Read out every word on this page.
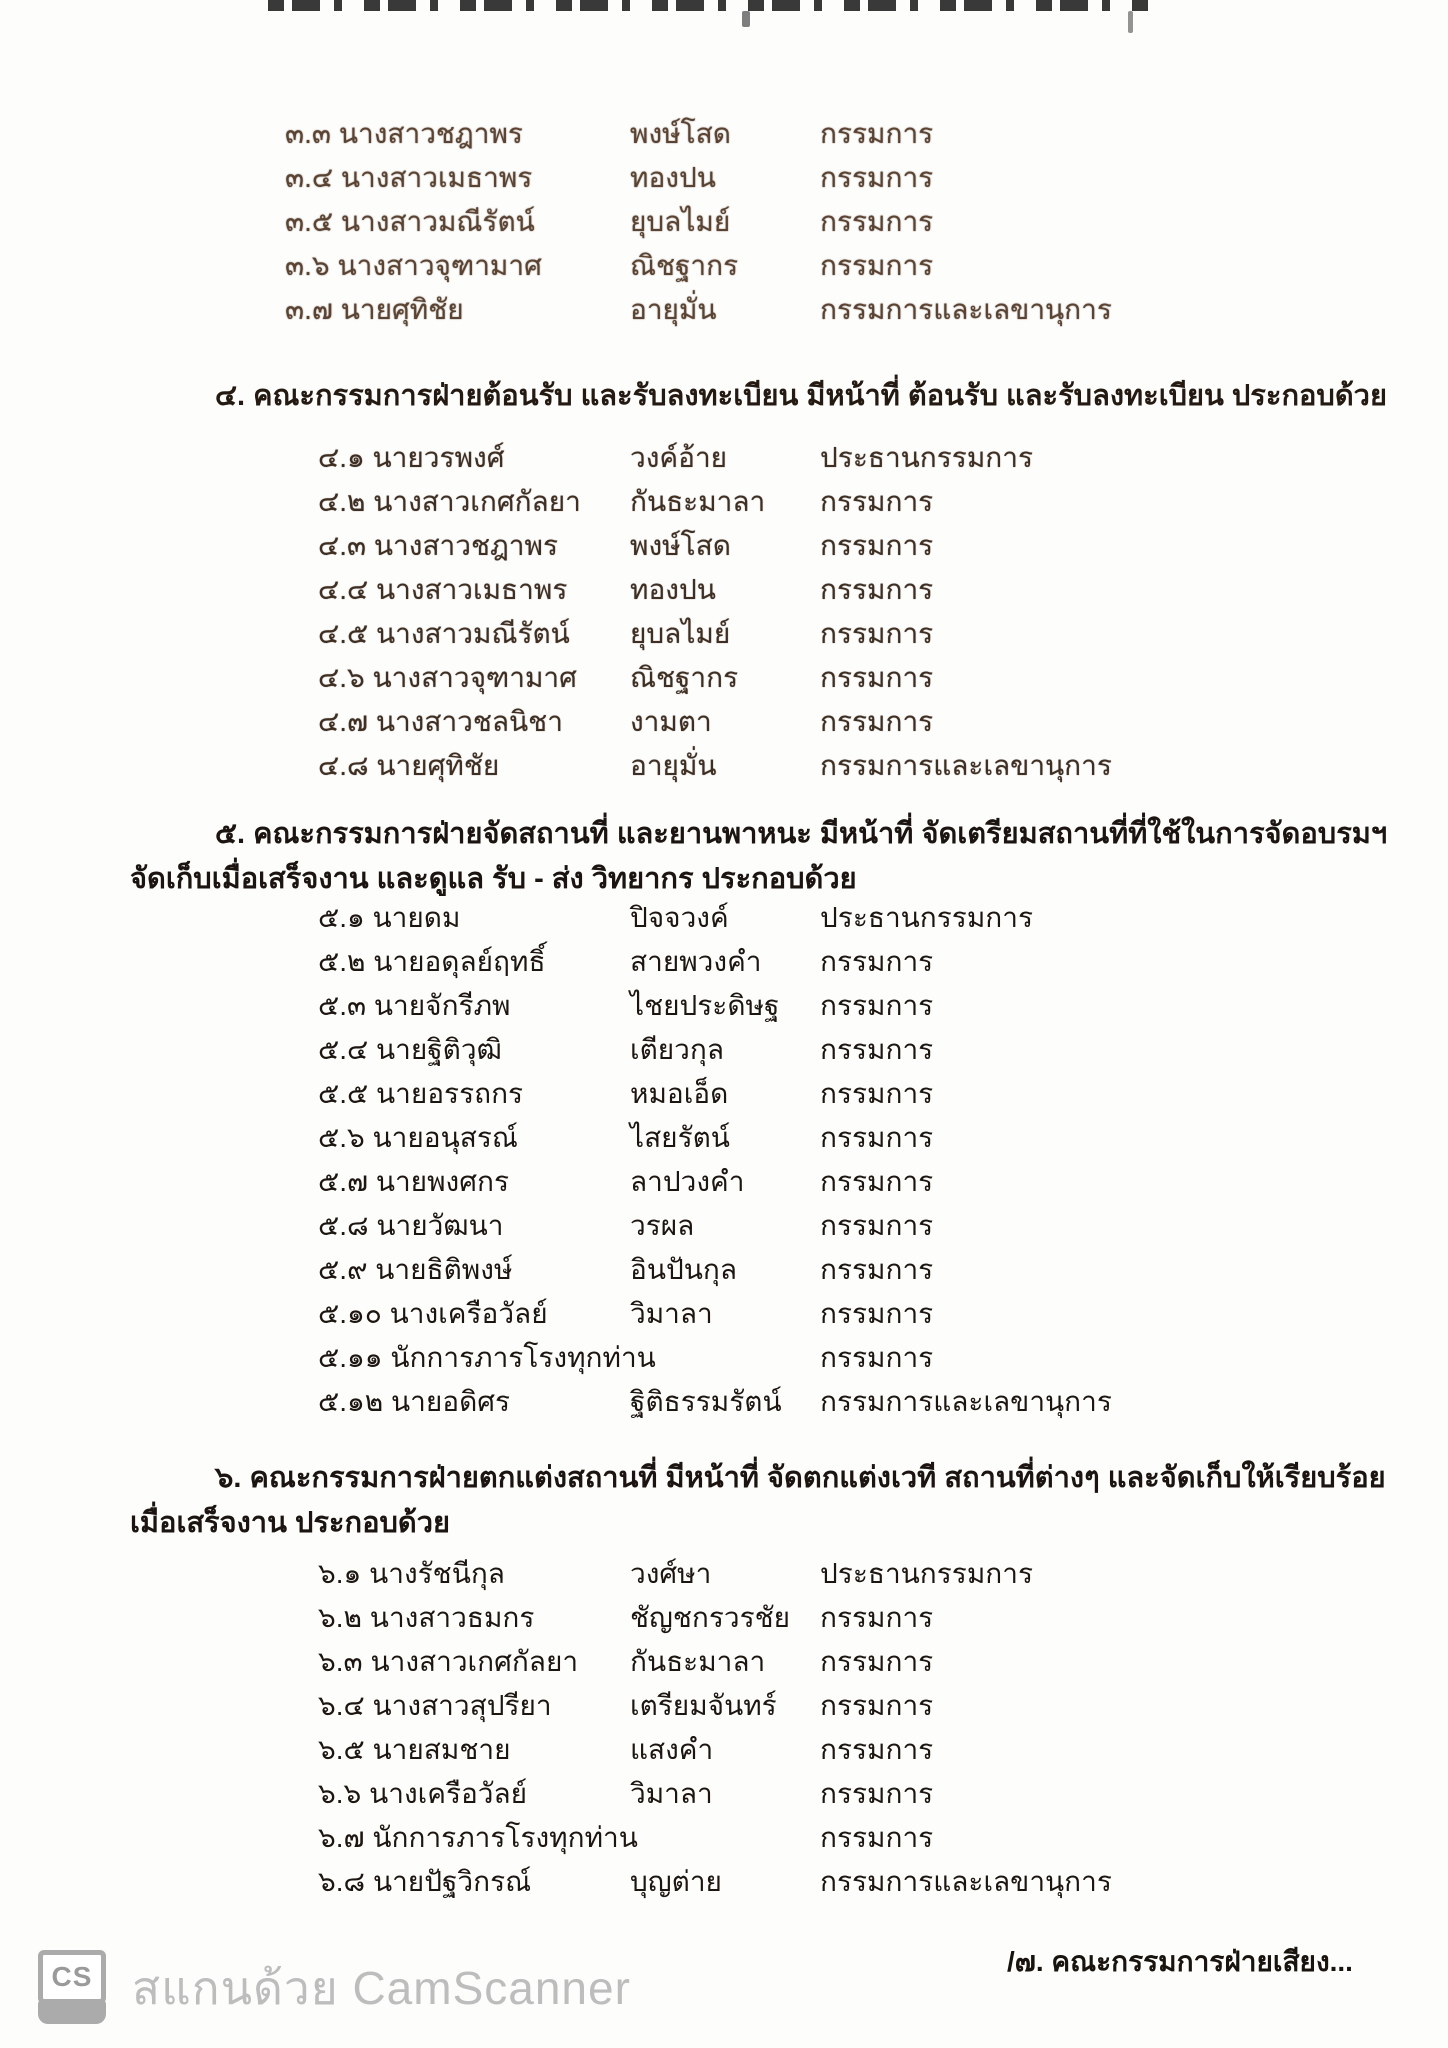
๓.๓ นางสาวชฎาพร	พงษ์โสด	กรรมการ
๓.๔ นางสาวเมธาพร	ทองปน	กรรมการ
๓.๕ นางสาวมณีรัตน์	ยุบลไมย์	กรรมการ
๓.๖ นางสาวจุฑามาศ	ณิชฐากร	กรรมการ
๓.๗ นายศุทิชัย	อายุมั่น	กรรมการและเลขานุการ
๔. คณะกรรมการฝ่ายต้อนรับ และรับลงทะเบียน มีหน้าที่ ต้อนรับ และรับลงทะเบียน ประกอบด้วย
๔.๑ นายวรพงศ์	วงค์อ้าย	ประธานกรรมการ
๔.๒ นางสาวเกศกัลยา	กันธะมาลา	กรรมการ
๔.๓ นางสาวชฎาพร	พงษ์โสด	กรรมการ
๔.๔ นางสาวเมธาพร	ทองปน	กรรมการ
๔.๕ นางสาวมณีรัตน์	ยุบลไมย์	กรรมการ
๔.๖ นางสาวจุฑามาศ	ณิชฐากร	กรรมการ
๔.๗ นางสาวชลนิชา	งามตา	กรรมการ
๔.๘ นายศุทิชัย	อายุมั่น	กรรมการและเลขานุการ
๕. คณะกรรมการฝ่ายจัดสถานที่ และยานพาหนะ มีหน้าที่ จัดเตรียมสถานที่ที่ใช้ในการจัดอบรมฯ
จัดเก็บเมื่อเสร็จงาน และดูแล รับ - ส่ง วิทยากร ประกอบด้วย
๕.๑ นายดม	ปิจจวงค์	ประธานกรรมการ
๕.๒ นายอดุลย์ฤทธิ์	สายพวงคำ	กรรมการ
๕.๓ นายจักรีภพ	ไชยประดิษฐ	กรรมการ
๕.๔ นายฐิติวุฒิ	เตียวกุล	กรรมการ
๕.๕ นายอรรถกร	หมอเอ็ด	กรรมการ
๕.๖ นายอนุสรณ์	ไสยรัตน์	กรรมการ
๕.๗ นายพงศกร	ลาปวงคำ	กรรมการ
๕.๘ นายวัฒนา	วรผล	กรรมการ
๕.๙ นายธิติพงษ์	อินปันกุล	กรรมการ
๕.๑๐ นางเครือวัลย์	วิมาลา	กรรมการ
๕.๑๑ นักการภารโรงทุกท่าน	กรรมการ
๕.๑๒ นายอดิศร	ฐิติธรรมรัตน์	กรรมการและเลขานุการ
๖. คณะกรรมการฝ่ายตกแต่งสถานที่ มีหน้าที่ จัดตกแต่งเวที สถานที่ต่างๆ และจัดเก็บให้เรียบร้อย
เมื่อเสร็จงาน ประกอบด้วย
๖.๑ นางรัชนีกุล	วงศ์ษา	ประธานกรรมการ
๖.๒ นางสาวธมกร	ชัญชกรวรชัย	กรรมการ
๖.๓ นางสาวเกศกัลยา	กันธะมาลา	กรรมการ
๖.๔ นางสาวสุปรียา	เตรียมจันทร์	กรรมการ
๖.๕ นายสมชาย	แสงคำ	กรรมการ
๖.๖ นางเครือวัลย์	วิมาลา	กรรมการ
๖.๗ นักการภารโรงทุกท่าน	กรรมการ
๖.๘ นายปัฐวิกรณ์	บุญต่าย	กรรมการและเลขานุการ
/๗. คณะกรรมการฝ่ายเสียง...
CS สแกนด้วย CamScanner
